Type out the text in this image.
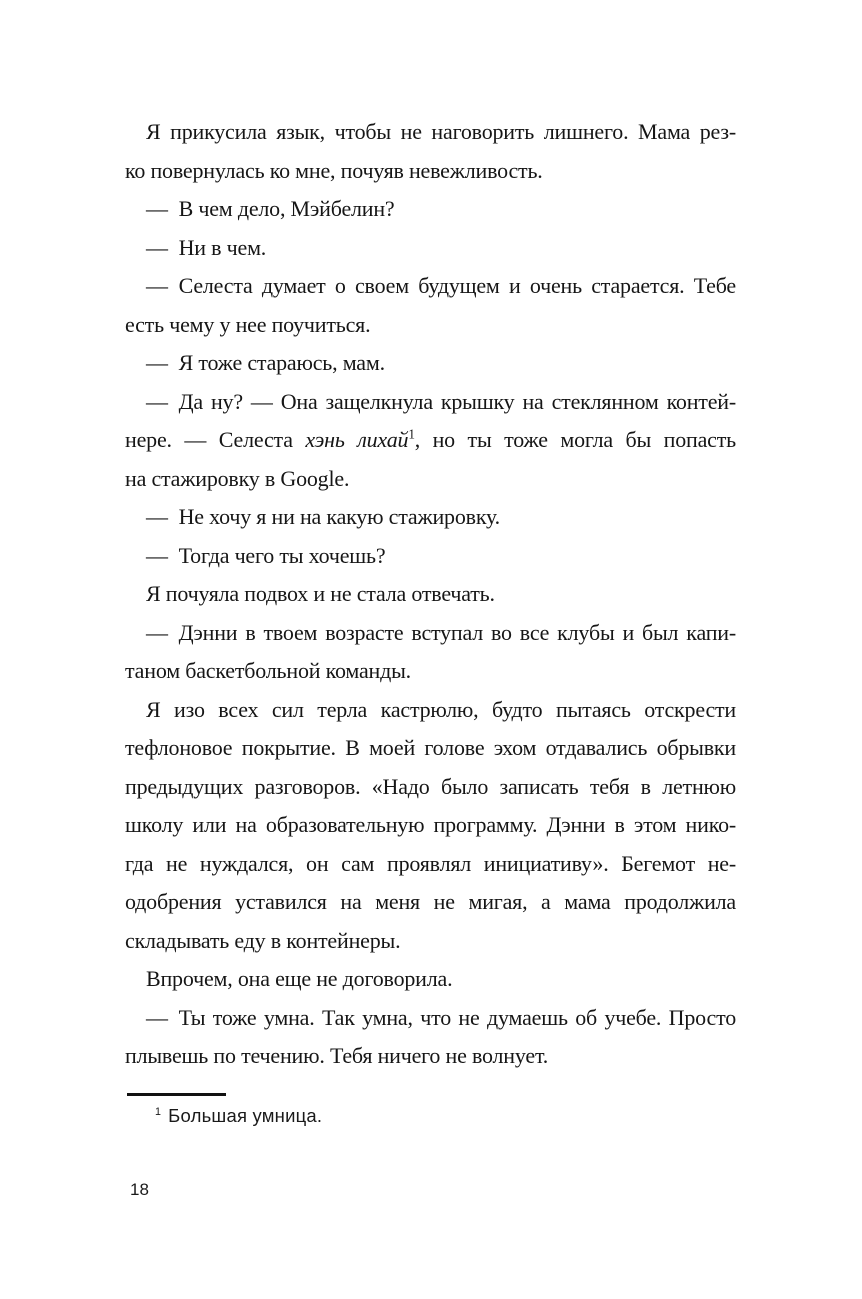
Я прикусила язык, чтобы не наговорить лишнего. Мама рез-
ко повернулась ко мне, почуяв невежливость.
— В чем дело, Мэйбелин?
— Ни в чем.
— Селеста думает о своем будущем и очень старается. Тебе
есть чему у нее поучиться.
— Я тоже стараюсь, мам.
— Да ну? — Она защелкнула крышку на стеклянном контей-
нере. — Селеста хэнь лихай$^1$, но ты тоже могла бы попасть
на стажировку в Google.
— Не хочу я ни на какую стажировку.
— Тогда чего ты хочешь?
Я почуяла подвох и не стала отвечать.
— Дэнни в твоем возрасте вступал во все клубы и был капи-
таном баскетбольной команды.
Я изо всех сил терла кастрюлю, будто пытаясь отскрести
тефлоновое покрытие. В моей голове эхом отдавались обрывки
предыдущих разговоров. «Надо было записать тебя в летнюю
школу или на образовательную программу. Дэнни в этом нико-
гда не нуждался, он сам проявлял инициативу». Бегемот не-
одобрения уставился на меня не мигая, а мама продолжила
складывать еду в контейнеры.
Впрочем, она еще не договорила.
— Ты тоже умна. Так умна, что не думаешь об учебе. Просто
плывешь по течению. Тебя ничего не волнует.
$^1$ Большая умница.
18
